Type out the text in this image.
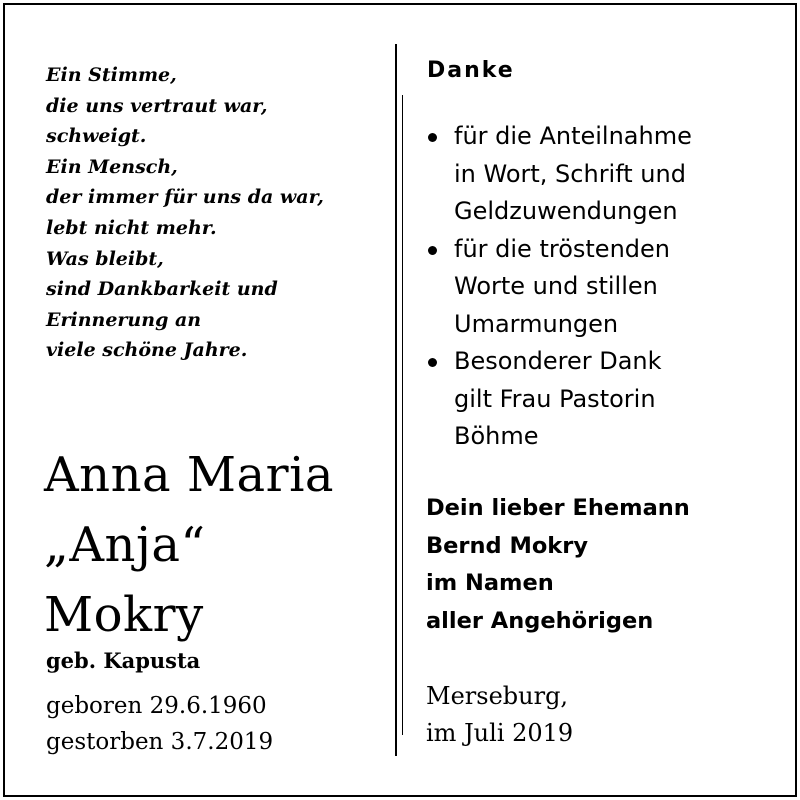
Ein Stimme,
die uns vertraut war,
schweigt.
Ein Mensch,
der immer für uns da war,
lebt nicht mehr.
Was bleibt,
sind Dankbarkeit und
Erinnerung an
viele schöne Jahre.
Anna Maria
„Anja“
Mokry
geb. Kapusta
geboren 29.6.1960
gestorben 3.7.2019
Danke
für die Anteilnahme
in Wort, Schrift und
Geldzuwendungen
für die tröstenden
Worte und stillen
Umarmungen
Besonderer Dank
gilt Frau Pastorin
Böhme
Dein lieber Ehemann
Bernd Mokry
im Namen
aller Angehörigen
Merseburg,
im Juli 2019
